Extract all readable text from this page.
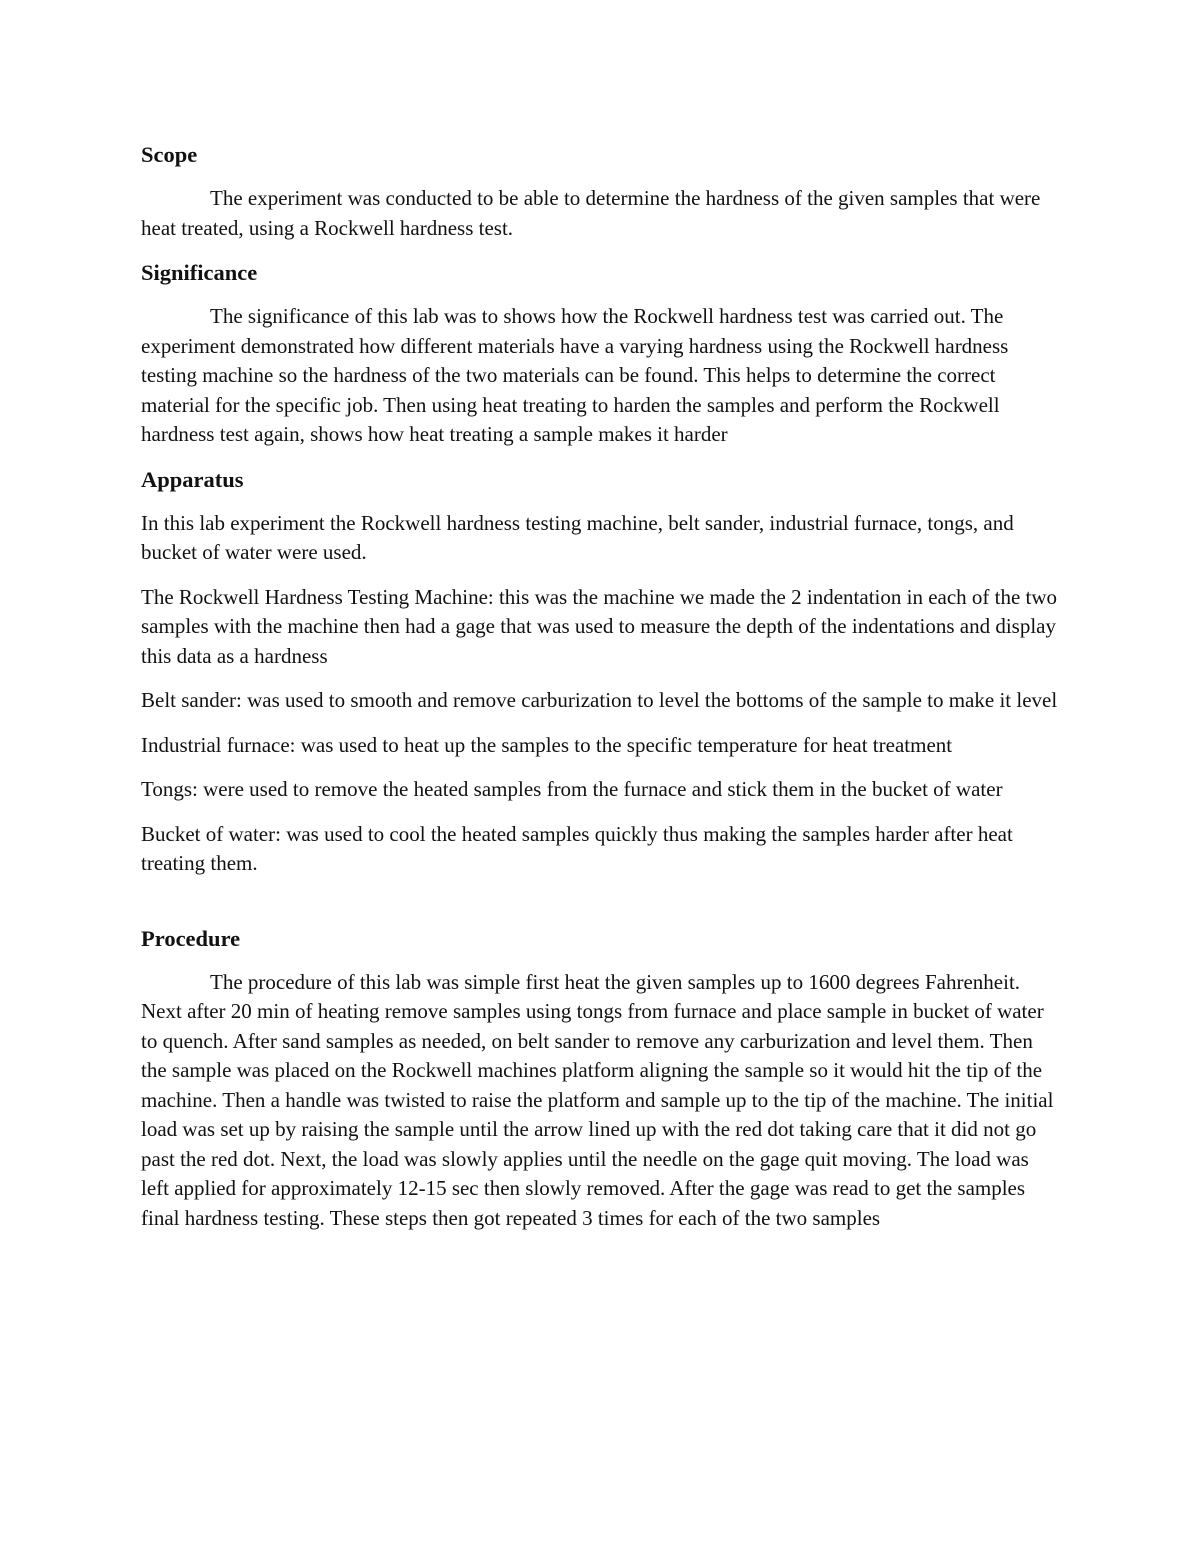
Scope

The experiment was conducted to be able to determine the hardness of the given samples that were heat treated, using a Rockwell hardness test.

Significance

The significance of this lab was to shows how the Rockwell hardness test was carried out. The experiment demonstrated how different materials have a varying hardness using the Rockwell hardness testing machine so the hardness of the two materials can be found. This helps to determine the correct material for the specific job. Then using heat treating to harden the samples and perform the Rockwell hardness test again, shows how heat treating a sample makes it harder

Apparatus

In this lab experiment the Rockwell hardness testing machine, belt sander, industrial furnace, tongs, and bucket of water were used.

The Rockwell Hardness Testing Machine: this was the machine we made the 2 indentation in each of the two samples with the machine then had a gage that was used to measure the depth of the indentations and display this data as a hardness

Belt sander: was used to smooth and remove carburization to level the bottoms of the sample to make it level

Industrial furnace: was used to heat up the samples to the specific temperature for heat treatment

Tongs: were used to remove the heated samples from the furnace and stick them in the bucket of water

Bucket of water: was used to cool the heated samples quickly thus making the samples harder after heat treating them.

Procedure

The procedure of this lab was simple first heat the given samples up to 1600 degrees Fahrenheit. Next after 20 min of heating remove samples using tongs from furnace and place sample in bucket of water to quench. After sand samples as needed, on belt sander to remove any carburization and level them. Then the sample was placed on the Rockwell machines platform aligning the sample so it would hit the tip of the machine. Then a handle was twisted to raise the platform and sample up to the tip of the machine. The initial load was set up by raising the sample until the arrow lined up with the red dot taking care that it did not go past the red dot. Next, the load was slowly applies until the needle on the gage quit moving. The load was left applied for approximately 12-15 sec then slowly removed. After the gage was read to get the samples final hardness testing. These steps then got repeated 3 times for each of the two samples
